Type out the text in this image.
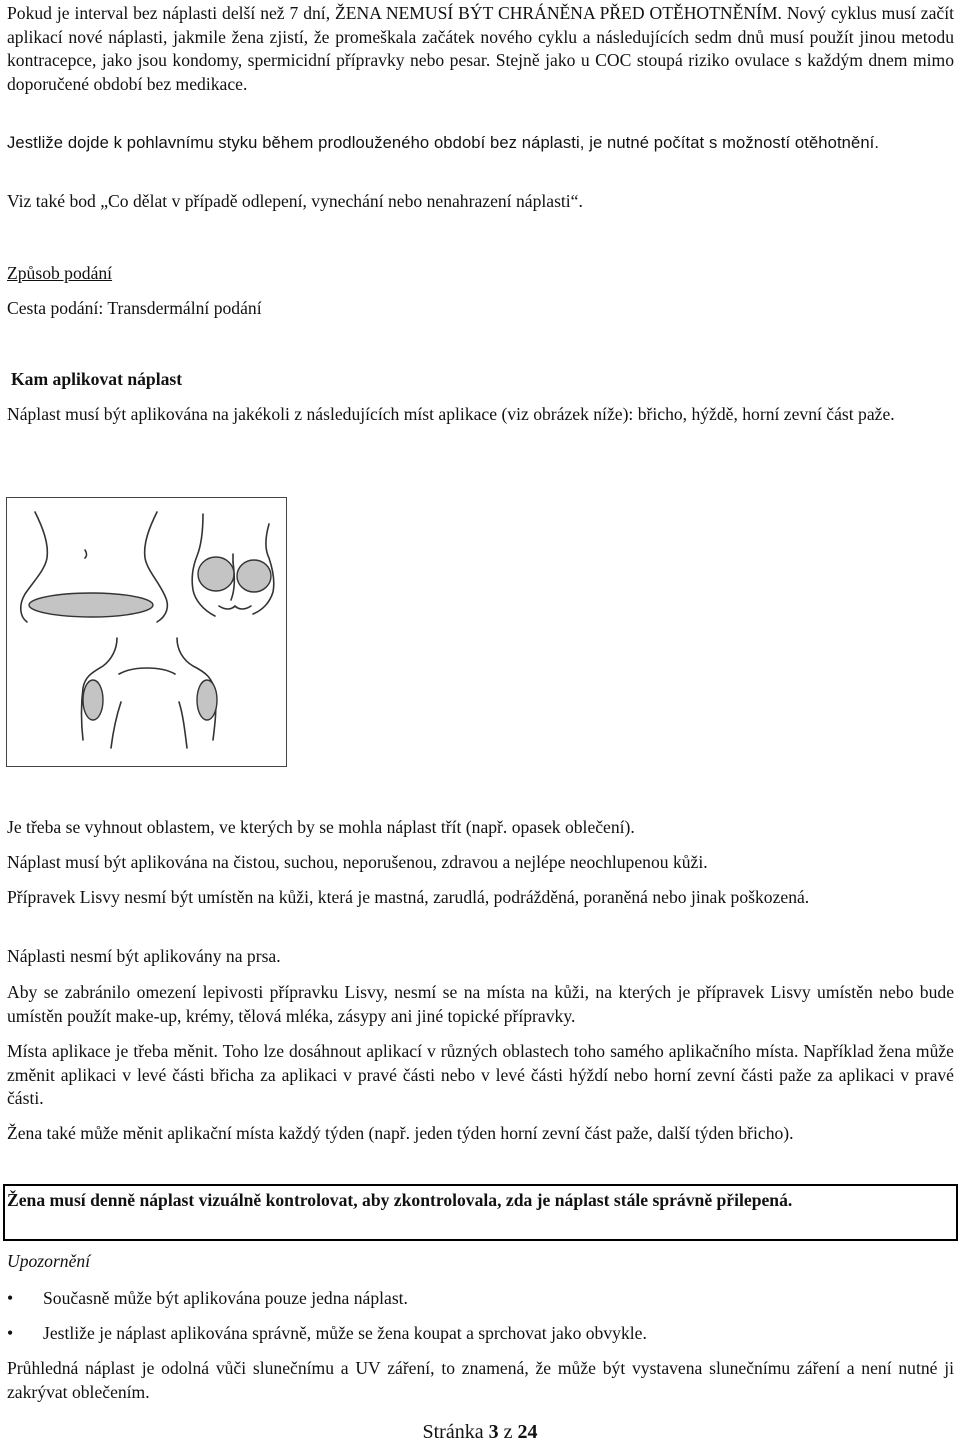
Pokud je interval bez náplasti delší než 7 dní, ŽENA NEMUSÍ BÝT CHRÁNĚNA PŘED OTĚHOTNĚNÍM. Nový cyklus musí začít aplikací nové náplasti, jakmile žena zjistí, že promeškala začátek nového cyklu a následujících sedm dnů musí použít jinou metodu kontracepce, jako jsou kondomy, spermicidní přípravky nebo pesar. Stejně jako u COC stoupá riziko ovulace s každým dnem mimo doporučené období bez medikace.

Jestliže dojde k pohlavnímu styku během prodlouženého období bez náplasti, je nutné počítat s možností otěhotnění.

Viz také bod „Co dělat v případě odlepení, vynechání nebo nenahrazení náplasti“.

Způsob podání

Cesta podání: Transdermální podání

Kam aplikovat náplast

Náplast musí být aplikována na jakékoli z následujících míst aplikace (viz obrázek níže): břicho, hýždě, horní zevní část paže.

Je třeba se vyhnout oblastem, ve kterých by se mohla náplast třít (např. opasek oblečení).

Náplast musí být aplikována na čistou, suchou, neporušenou, zdravou a nejlépe neochlupenou kůži.

Přípravek Lisvy nesmí být umístěn na kůži, která je mastná, zarudlá, podrážděná, poraněná nebo jinak poškozená.

Náplasti nesmí být aplikovány na prsa.

Aby se zabránilo omezení lepivosti přípravku Lisvy, nesmí se na místa na kůži, na kterých je přípravek Lisvy umístěn nebo bude umístěn použít make-up, krémy, tělová mléka, zásypy ani jiné topické přípravky.

Místa aplikace je třeba měnit. Toho lze dosáhnout aplikací v různých oblastech toho samého aplikačního místa. Například žena může změnit aplikaci v levé části břicha za aplikaci v pravé části nebo v levé části hýždí nebo horní zevní části paže za aplikaci v pravé části.

Žena také může měnit aplikační místa každý týden (např. jeden týden horní zevní část paže, další týden břicho).

Žena musí denně náplast vizuálně kontrolovat, aby zkontrolovala, zda je náplast stále správně přilepená.

Upozornění

• Současně může být aplikována pouze jedna náplast.
• Jestliže je náplast aplikována správně, může se žena koupat a sprchovat jako obvykle.

Průhledná náplast je odolná vůči slunečnímu a UV záření, to znamená, že může být vystavena slunečnímu záření a není nutné ji zakrývat oblečením.

Stránka 3 z 24
